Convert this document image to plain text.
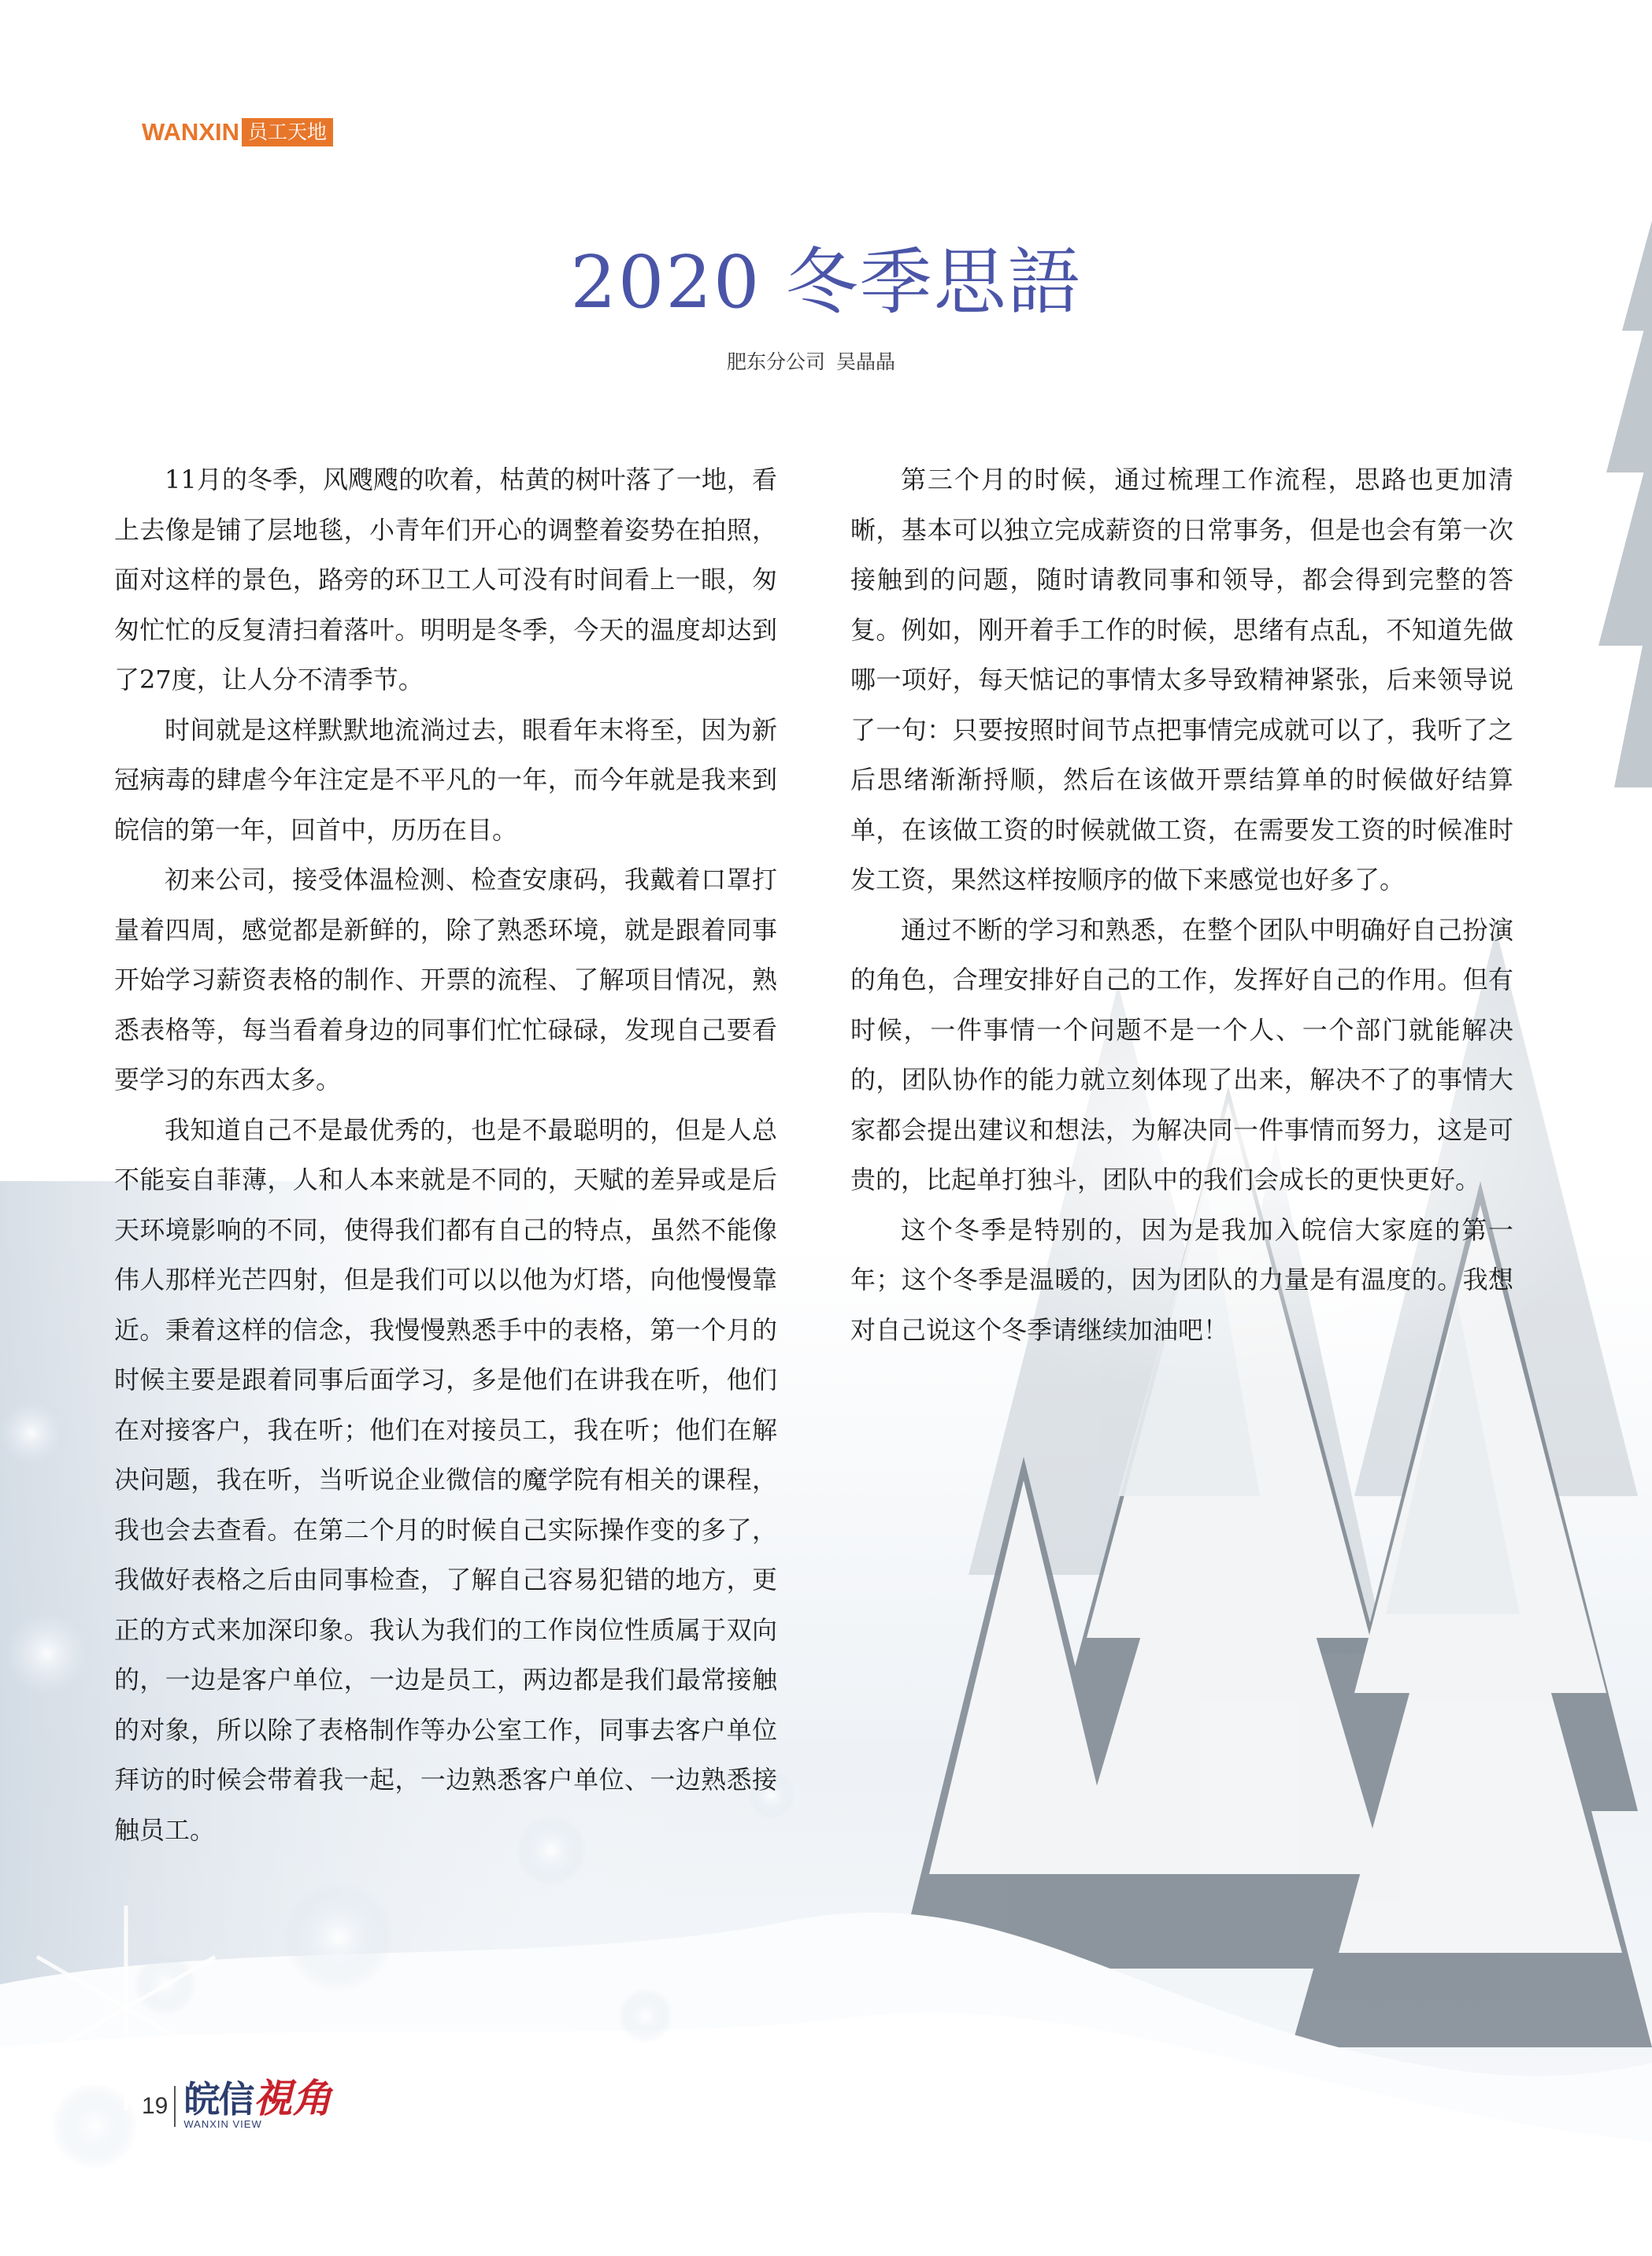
WANXIN 员工天地
2020 冬季思語
肥东分公司 吴晶晶

11月的冬季，风飕飕的吹着，枯黄的树叶落了一地，看上去像是铺了层地毯，小青年们开心的调整着姿势在拍照，面对这样的景色，路旁的环卫工人可没有时间看上一眼，匆匆忙忙的反复清扫着落叶。明明是冬季，今天的温度却达到了27度，让人分不清季节。

时间就是这样默默地流淌过去，眼看年末将至，因为新冠病毒的肆虐今年注定是不平凡的一年，而今年就是我来到皖信的第一年，回首中，历历在目。

初来公司，接受体温检测、检查安康码，我戴着口罩打量着四周，感觉都是新鲜的，除了熟悉环境，就是跟着同事开始学习薪资表格的制作、开票的流程、了解项目情况，熟悉表格等，每当看着身边的同事们忙忙碌碌，发现自己要看要学习的东西太多。

我知道自己不是最优秀的，也是不最聪明的，但是人总不能妄自菲薄，人和人本来就是不同的，天赋的差异或是后天环境影响的不同，使得我们都有自己的特点，虽然不能像伟人那样光芒四射，但是我们可以以他为灯塔，向他慢慢靠近。秉着这样的信念，我慢慢熟悉手中的表格，第一个月的时候主要是跟着同事后面学习，多是他们在讲我在听，他们在对接客户，我在听；他们在对接员工，我在听；他们在解决问题，我在听，当听说企业微信的魔学院有相关的课程，我也会去查看。在第二个月的时候自己实际操作变的多了，我做好表格之后由同事检查，了解自己容易犯错的地方，更正的方式来加深印象。我认为我们的工作岗位性质属于双向的，一边是客户单位，一边是员工，两边都是我们最常接触的对象，所以除了表格制作等办公室工作，同事去客户单位拜访的时候会带着我一起，一边熟悉客户单位、一边熟悉接触员工。

第三个月的时候，通过梳理工作流程，思路也更加清晰，基本可以独立完成薪资的日常事务，但是也会有第一次接触到的问题，随时请教同事和领导，都会得到完整的答复。例如，刚开着手工作的时候，思绪有点乱，不知道先做哪一项好，每天惦记的事情太多导致精神紧张，后来领导说了一句：只要按照时间节点把事情完成就可以了，我听了之后思绪渐渐捋顺，然后在该做开票结算单的时候做好结算单，在该做工资的时候就做工资，在需要发工资的时候准时发工资，果然这样按顺序的做下来感觉也好多了。

通过不断的学习和熟悉，在整个团队中明确好自己扮演的角色，合理安排好自己的工作，发挥好自己的作用。但有时候，一件事情一个问题不是一个人、一个部门就能解决的，团队协作的能力就立刻体现了出来，解决不了的事情大家都会提出建议和想法，为解决同一件事情而努力，这是可贵的，比起单打独斗，团队中的我们会成长的更快更好。

这个冬季是特别的，因为是我加入皖信大家庭的第一年；这个冬季是温暖的，因为团队的力量是有温度的。我想对自己说这个冬季请继续加油吧！

19 皖信視角
WANXIN VIEW
